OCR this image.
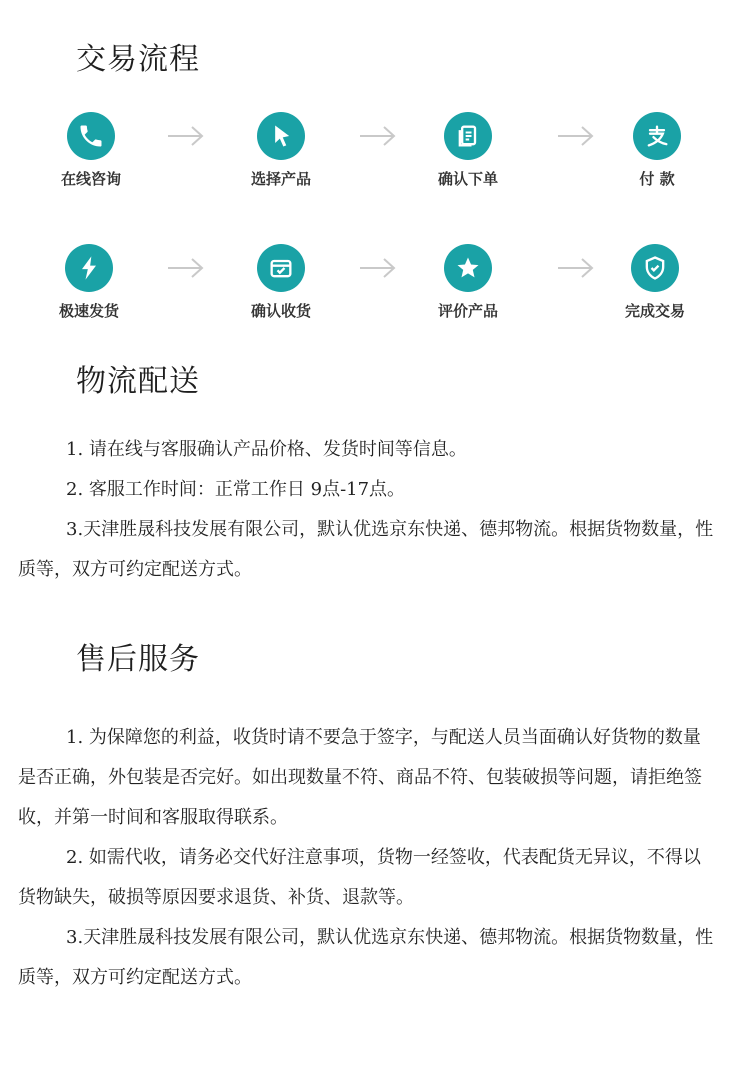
交易流程
在线咨询	选择产品	确认下单	付 款
极速发货	确认收货	评价产品	完成交易
物流配送

1. 请在线与客服确认产品价格、发货时间等信息。

2. 客服工作时间：正常工作日 9点-17点。

3.天津胜晟科技发展有限公司，默认优选京东快递、德邦物流。根据货物数量，性质等，双方可约定配送方式。

售后服务

1. 为保障您的利益，收货时请不要急于签字，与配送人员当面确认好货物的数量是否正确，外包装是否完好。如出现数量不符、商品不符、包装破损等问题，请拒绝签收，并第一时间和客服取得联系。

2. 如需代收，请务必交代好注意事项，货物一经签收，代表配货无异议，不得以货物缺失，破损等原因要求退货、补货、退款等。

3.天津胜晟科技发展有限公司，默认优选京东快递、德邦物流。根据货物数量，性质等，双方可约定配送方式。
